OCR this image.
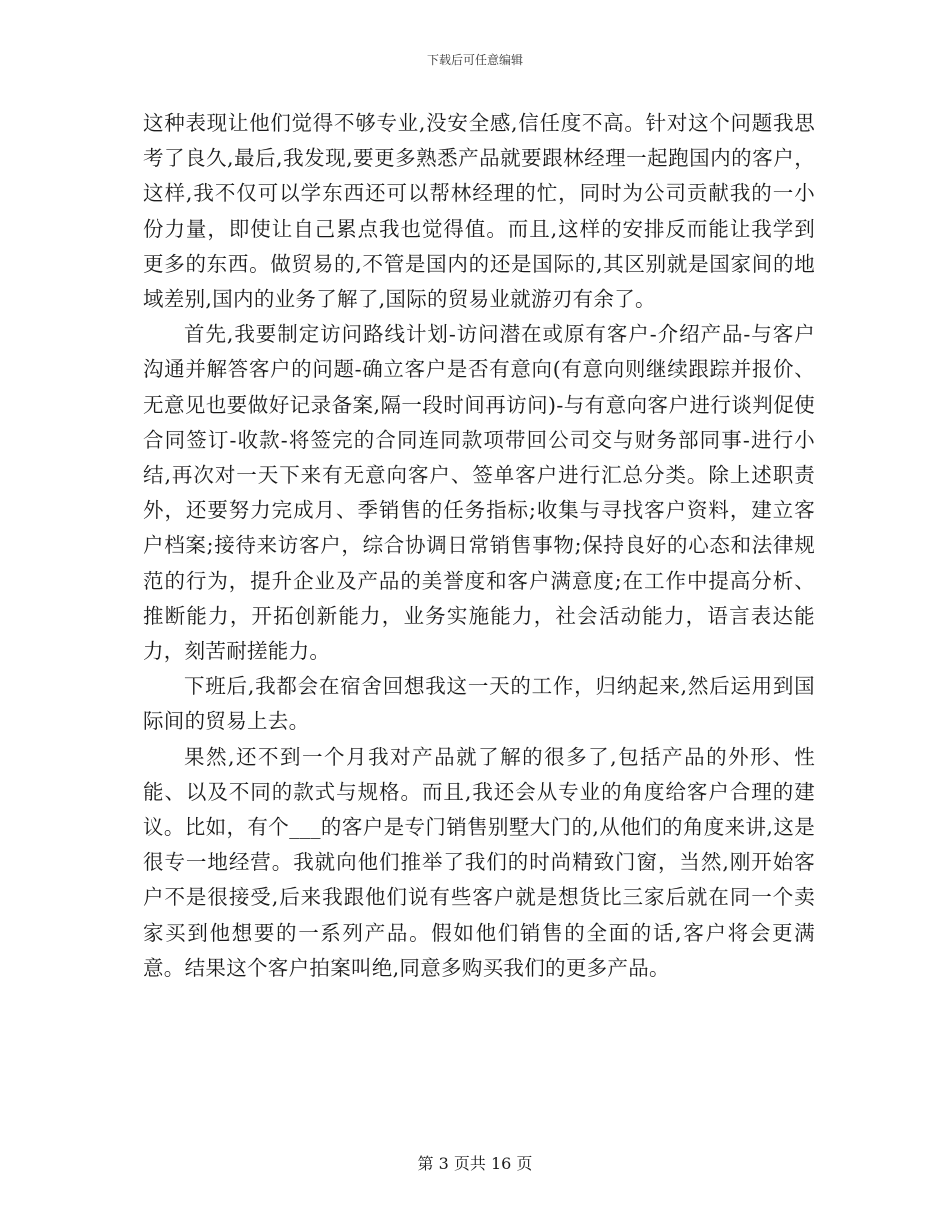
下载后可任意编辑

这种表现让他们觉得不够专业,没安全感,信任度不高。针对这个问题我思考了良久,最后,我发现,要更多熟悉产品就要跟林经理一起跑国内的客户，这样,我不仅可以学东西还可以帮林经理的忙，同时为公司贡献我的一小份力量，即使让自己累点我也觉得值。而且,这样的安排反而能让我学到更多的东西。做贸易的,不管是国内的还是国际的,其区别就是国家间的地域差别,国内的业务了解了,国际的贸易业就游刃有余了。

首先,我要制定访问路线计划-访问潜在或原有客户-介绍产品-与客户沟通并解答客户的问题-确立客户是否有意向(有意向则继续跟踪并报价、无意见也要做好记录备案,隔一段时间再访问)-与有意向客户进行谈判促使合同签订-收款-将签完的合同连同款项带回公司交与财务部同事-进行小结,再次对一天下来有无意向客户、签单客户进行汇总分类。除上述职责外，还要努力完成月、季销售的任务指标;收集与寻找客户资料，建立客户档案;接待来访客户，综合协调日常销售事物;保持良好的心态和法律规范的行为，提升企业及产品的美誉度和客户满意度;在工作中提高分析、推断能力，开拓创新能力，业务实施能力，社会活动能力，语言表达能力，刻苦耐搓能力。

下班后,我都会在宿舍回想我这一天的工作，归纳起来,然后运用到国际间的贸易上去。

果然,还不到一个月我对产品就了解的很多了,包括产品的外形、性能、以及不同的款式与规格。而且,我还会从专业的角度给客户合理的建议。比如，有个___的客户是专门销售别墅大门的,从他们的角度来讲,这是很专一地经营。我就向他们推举了我们的时尚精致门窗，当然,刚开始客户不是很接受,后来我跟他们说有些客户就是想货比三家后就在同一个卖家买到他想要的一系列产品。假如他们销售的全面的话,客户将会更满意。结果这个客户拍案叫绝,同意多购买我们的更多产品。

第 3 页共 16 页
